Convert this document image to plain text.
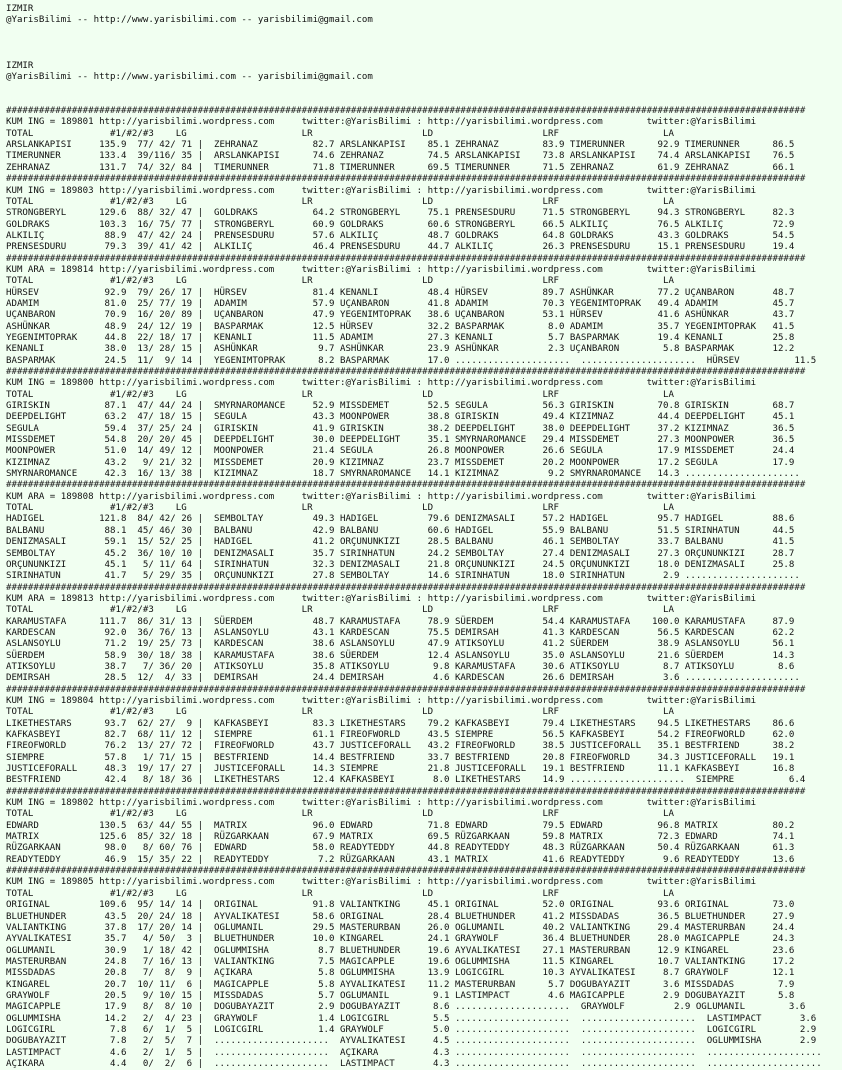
IZMIR
@YarisBilimi -- http://www.yarisbilimi.com -- yarisbilimi@gmail.com
IZMIR
@YarisBilimi -- http://www.yarisbilimi.com -- yarisbilimi@gmail.com
##################################################################################################################################################
KUM ING = 189801 http://yarisbilimi.wordpress.com     twitter:@YarisBilimi : http://yarisbilimi.wordpress.com        twitter:@YarisBilimi
TOTAL              #1/#2/#3    LG                     LR                    LD                    LRF                   LA
ARSLANKAPISI     135.9  77/ 42/ 71 |  ZEHRANAZ          82.7 ARSLANKAPISI    85.1 ZEHRANAZ        83.9 TIMERUNNER      92.9 TIMERUNNER      86.5
TIMERUNNER       133.4  39/116/ 35 |  ARSLANKAPISI      74.6 ZEHRANAZ        74.5 ARSLANKAPISI    73.8 ARSLANKAPISI    74.4 ARSLANKAPISI    76.5
ZEHRANAZ         131.7  74/ 32/ 84 |  TIMERUNNER        71.8 TIMERUNNER      69.5 TIMERUNNER      71.5 ZEHRANAZ        61.9 ZEHRANAZ        66.1
##################################################################################################################################################
KUM ING = 189803 http://yarisbilimi.wordpress.com     twitter:@YarisBilimi : http://yarisbilimi.wordpress.com        twitter:@YarisBilimi
TOTAL              #1/#2/#3    LG                     LR                    LD                    LRF                   LA
STRONGBERYL      129.6  88/ 32/ 47 |  GOLDRAKS          64.2 STRONGBERYL     75.1 PRENSESDURU     71.5 STRONGBERYL     94.3 STRONGBERYL     82.3
GOLDRAKS         103.3  16/ 75/ 77 |  STRONGBERYL       60.9 GOLDRAKS        60.6 STRONGBERYL     66.5 ALKILIÇ         76.5 ALKILIÇ         72.9
ALKILIÇ           88.9  47/ 42/ 24 |  PRENSESDURU       57.6 ALKILIÇ         48.7 GOLDRAKS        64.8 GOLDRAKS        43.3 GOLDRAKS        54.5
PRENSESDURU       79.3  39/ 41/ 42 |  ALKILIÇ           46.4 PRENSESDURU     44.7 ALKILIÇ         26.3 PRENSESDURU     15.1 PRENSESDURU     19.4
##################################################################################################################################################
KUM ARA = 189814 http://yarisbilimi.wordpress.com     twitter:@YarisBilimi : http://yarisbilimi.wordpress.com        twitter:@YarisBilimi
TOTAL              #1/#2/#3    LG                     LR                    LD                    LRF                   LA
HÜRSEV            92.9  79/ 26/ 17 |  HÜRSEV            81.4 KENANLI         48.4 HÜRSEV          89.7 ASHÜNKAR        77.2 UÇANBARON       48.7
ADAMIM            81.0  25/ 77/ 19 |  ADAMIM            57.9 UÇANBARON       41.8 ADAMIM          70.3 YEGENIMTOPRAK   49.4 ADAMIM          45.7
UÇANBARON         70.9  16/ 20/ 89 |  UÇANBARON         47.9 YEGENIMTOPRAK   38.6 UÇANBARON       53.1 HÜRSEV          41.6 ASHÜNKAR        43.7
ASHÜNKAR          48.9  24/ 12/ 19 |  BASPARMAK         12.5 HÜRSEV          32.2 BASPARMAK        8.0 ADAMIM          35.7 YEGENIMTOPRAK   41.5
YEGENIMTOPRAK     44.8  22/ 18/ 17 |  KENANLI           11.5 ADAMIM          27.3 KENANLI          5.7 BASPARMAK       19.4 KENANLI         25.8
KENANLI           38.0  13/ 28/ 15 |  ASHÜNKAR           9.7 ASHÜNKAR        23.9 ASHÜNKAR         2.3 UÇANBARON        5.8 BASPARMAK       12.2
BASPARMAK         24.5  11/  9/ 14 |  YEGENIMTOPRAK      8.2 BASPARMAK       17.0 .....................  .....................  HÜRSEV          11.5
##################################################################################################################################################
KUM ING = 189800 http://yarisbilimi.wordpress.com     twitter:@YarisBilimi : http://yarisbilimi.wordpress.com        twitter:@YarisBilimi
TOTAL              #1/#2/#3    LG                     LR                    LD                    LRF                   LA
GIRISKIN          87.1  47/ 44/ 24 |  SMYRNAROMANCE     52.9 MISSDEMET       52.5 SEGULA          56.3 GIRISKIN        70.8 GIRISKIN        68.7
DEEPDELIGHT       63.2  47/ 18/ 15 |  SEGULA            43.3 MOONPOWER       38.8 GIRISKIN        49.4 KIZIMNAZ        44.4 DEEPDELIGHT     45.1
SEGULA            59.4  37/ 25/ 24 |  GIRISKIN          41.9 GIRISKIN        38.2 DEEPDELIGHT     38.0 DEEPDELIGHT     37.2 KIZIMNAZ        36.5
MISSDEMET         54.8  20/ 20/ 45 |  DEEPDELIGHT       30.0 DEEPDELIGHT     35.1 SMYRNAROMANCE   29.4 MISSDEMET       27.3 MOONPOWER       36.5
MOONPOWER         51.0  14/ 49/ 12 |  MOONPOWER         21.4 SEGULA          26.8 MOONPOWER       26.6 SEGULA          17.9 MISSDEMET       24.4
KIZIMNAZ          43.2   9/ 21/ 32 |  MISSDEMET         20.9 KIZIMNAZ        23.7 MISSDEMET       20.2 MOONPOWER       17.2 SEGULA          17.9
SMYRNAROMANCE     42.3  16/ 13/ 38 |  KIZIMNAZ          18.7 SMYRNAROMANCE   14.1 KIZIMNAZ         9.2 SMYRNAROMANCE   14.3 .....................
##################################################################################################################################################
KUM ARA = 189808 http://yarisbilimi.wordpress.com     twitter:@YarisBilimi : http://yarisbilimi.wordpress.com        twitter:@YarisBilimi
TOTAL              #1/#2/#3    LG                     LR                    LD                    LRF                   LA
HADIGEL          121.8  84/ 42/ 26 |  SEMBOLTAY         49.3 HADIGEL         79.6 DENIZMASALI     57.2 HADIGEL         95.7 HADIGEL         88.6
BALBANU           88.1  45/ 46/ 30 |  BALBANU           42.9 BALBANU         60.6 HADIGEL         55.9 BALBANU         51.5 SIRINHATUN      44.5
DENIZMASALI       59.1  15/ 52/ 25 |  HADIGEL           41.2 ORÇUNUNKIZI     28.5 BALBANU         46.1 SEMBOLTAY       33.7 BALBANU         41.5
SEMBOLTAY         45.2  36/ 10/ 10 |  DENIZMASALI       35.7 SIRINHATUN      24.2 SEMBOLTAY       27.4 DENIZMASALI     27.3 ORÇUNUNKIZI     28.7
ORÇUNUNKIZI       45.1   5/ 11/ 64 |  SIRINHATUN        32.3 DENIZMASALI     21.8 ORÇUNUNKIZI     24.5 ORÇUNUNKIZI     18.0 DENIZMASALI     25.8
SIRINHATUN        41.7   5/ 29/ 35 |  ORÇUNUNKIZI       27.8 SEMBOLTAY       14.6 SIRINHATUN      18.0 SIRINHATUN       2.9 .....................
##################################################################################################################################################
KUM ARA = 189813 http://yarisbilimi.wordpress.com     twitter:@YarisBilimi : http://yarisbilimi.wordpress.com        twitter:@YarisBilimi
TOTAL              #1/#2/#3    LG                     LR                    LD                    LRF                   LA
KARAMUSTAFA      111.7  86/ 31/ 13 |  SÜERDEM           48.7 KARAMUSTAFA     78.9 SÜERDEM         54.4 KARAMUSTAFA    100.0 KARAMUSTAFA     87.9
KARDESCAN         92.0  36/ 76/ 13 |  ASLANSOYLU        43.1 KARDESCAN       75.5 DEMIRSAH        41.3 KARDESCAN       56.5 KARDESCAN       62.2
ASLANSOYLU        71.2  19/ 25/ 73 |  KARDESCAN         38.6 ASLANSOYLU      47.9 ATIKSOYLU       41.2 SÜERDEM         38.9 ASLANSOYLU      56.1
SÜERDEM           58.9  30/ 18/ 38 |  KARAMUSTAFA       38.6 SÜERDEM         12.4 ASLANSOYLU      35.0 ASLANSOYLU      21.6 SÜERDEM         14.3
ATIKSOYLU         38.7   7/ 36/ 20 |  ATIKSOYLU         35.8 ATIKSOYLU        9.8 KARAMUSTAFA     30.6 ATIKSOYLU        8.7 ATIKSOYLU        8.6
DEMIRSAH          28.5  12/  4/ 33 |  DEMIRSAH          24.4 DEMIRSAH         4.6 KARDESCAN       26.6 DEMIRSAH         3.6 .....................
##################################################################################################################################################
KUM ING = 189804 http://yarisbilimi.wordpress.com     twitter:@YarisBilimi : http://yarisbilimi.wordpress.com        twitter:@YarisBilimi
TOTAL              #1/#2/#3    LG                     LR                    LD                    LRF                   LA
LIKETHESTARS      93.7  62/ 27/  9 |  KAFKASBEYI        83.3 LIKETHESTARS    79.2 KAFKASBEYI      79.4 LIKETHESTARS    94.5 LIKETHESTARS    86.6
KAFKASBEYI        82.7  68/ 11/ 12 |  SIEMPRE           61.1 FIREOFWORLD     43.5 SIEMPRE         56.5 KAFKASBEYI      54.2 FIREOFWORLD     62.0
FIREOFWORLD       76.2  13/ 27/ 72 |  FIREOFWORLD       43.7 JUSTICEFORALL   43.2 FIREOFWORLD     38.5 JUSTICEFORALL   35.1 BESTFRIEND      38.2
SIEMPRE           57.8   1/ 71/ 15 |  BESTFRIEND        14.4 BESTFRIEND      33.7 BESTFRIEND      20.8 FIREOFWORLD     34.3 JUSTICEFORALL   19.1
JUSTICEFORALL     48.3  19/ 17/ 27 |  JUSTICEFORALL     14.3 SIEMPRE         21.8 JUSTICEFORALL   19.1 BESTFRIEND      11.1 KAFKASBEYI      16.8
BESTFRIEND        42.4   8/ 18/ 36 |  LIKETHESTARS      12.4 KAFKASBEYI       8.0 LIKETHESTARS    14.9 .....................  SIEMPRE          6.4
##################################################################################################################################################
KUM ING = 189802 http://yarisbilimi.wordpress.com     twitter:@YarisBilimi : http://yarisbilimi.wordpress.com        twitter:@YarisBilimi
TOTAL              #1/#2/#3    LG                     LR                    LD                    LRF                   LA
EDWARD           130.5  63/ 44/ 55 |  MATRIX            96.0 EDWARD          71.8 EDWARD          79.5 EDWARD          96.8 MATRIX          80.2
MATRIX           125.6  85/ 32/ 18 |  RÜZGARKAAN        67.9 MATRIX          69.5 RÜZGARKAAN      59.8 MATRIX          72.3 EDWARD          74.1
RÜZGARKAAN        98.0   8/ 60/ 76 |  EDWARD            58.0 READYTEDDY      44.8 READYTEDDY      48.3 RÜZGARKAAN      50.4 RÜZGARKAAN      61.3
READYTEDDY        46.9  15/ 35/ 22 |  READYTEDDY         7.2 RÜZGARKAAN      43.1 MATRIX          41.6 READYTEDDY       9.6 READYTEDDY      13.6
##################################################################################################################################################
KUM ING = 189805 http://yarisbilimi.wordpress.com     twitter:@YarisBilimi : http://yarisbilimi.wordpress.com        twitter:@YarisBilimi
TOTAL              #1/#2/#3    LG                     LR                    LD                    LRF                   LA
ORIGINAL         109.6  95/ 14/ 14 |  ORIGINAL          91.8 VALIANTKING     45.1 ORIGINAL        52.0 ORIGINAL        93.6 ORIGINAL        73.0
BLUETHUNDER       43.5  20/ 24/ 18 |  AYVALIKATESI      58.6 ORIGINAL        28.4 BLUETHUNDER     41.2 MISSDADAS       36.5 BLUETHUNDER     27.9
VALIANTKING       37.8  17/ 20/ 14 |  OGLUMANIL         29.5 MASTERURBAN     26.0 OGLUMANIL       40.2 VALIANTKING     29.4 MASTERURBAN     24.4
AYVALIKATESI      35.7   4/ 50/  3 |  BLUETHUNDER       10.0 KINGAREL        24.1 GRAYWOLF        36.4 BLUETHUNDER     28.0 MAGICAPPLE      24.3
OGLUMANIL         30.9   1/ 18/ 42 |  OGLUMMISHA         8.7 BLUETHUNDER     19.6 AYVALIKATESI    27.1 MASTERURBAN     12.9 KINGAREL        23.6
MASTERURBAN       24.8   7/ 16/ 13 |  VALIANTKING        7.5 MAGICAPPLE      19.6 OGLUMMISHA      11.5 KINGAREL        10.7 VALIANTKING     17.2
MISSDADAS         20.8   7/  8/  9 |  AÇIKARA            5.8 OGLUMMISHA      13.9 LOGICGIRL       10.3 AYVALIKATESI     8.7 GRAYWOLF        12.1
KINGAREL          20.7  10/ 11/  6 |  MAGICAPPLE         5.8 AYVALIKATESI    11.2 MASTERURBAN      5.7 DOGUBAYAZIT      3.6 MISSDADAS        7.9
GRAYWOLF          20.5   9/ 10/ 15 |  MISSDADAS          5.7 OGLUMANIL        9.1 LASTIMPACT       4.6 MAGICAPPLE       2.9 DOGUBAYAZIT      5.8
MAGICAPPLE        17.9   8/  8/ 10 |  DOGUBAYAZIT        2.9 DOGUBAYAZIT      8.6 .....................  GRAYWOLF         2.9 OGLUMANIL        3.6
OGLUMMISHA        14.2   2/  4/ 23 |  GRAYWOLF           1.4 LOGICGIRL        5.5 .....................  .....................  LASTIMPACT       3.6
LOGICGIRL          7.8   6/  1/  5 |  LOGICGIRL          1.4 GRAYWOLF         5.0 .....................  .....................  LOGICGIRL        2.9
DOGUBAYAZIT        7.8   2/  5/  7 |  .....................  AYVALIKATESI     4.5 .....................  .....................  OGLUMMISHA       2.9
LASTIMPACT         4.6   2/  1/  5 |  .....................  AÇIKARA          4.3 .....................  .....................  .....................
AÇIKARA            4.4   0/  2/  6 |  .....................  LASTIMPACT       4.3 .....................  .....................  .....................
